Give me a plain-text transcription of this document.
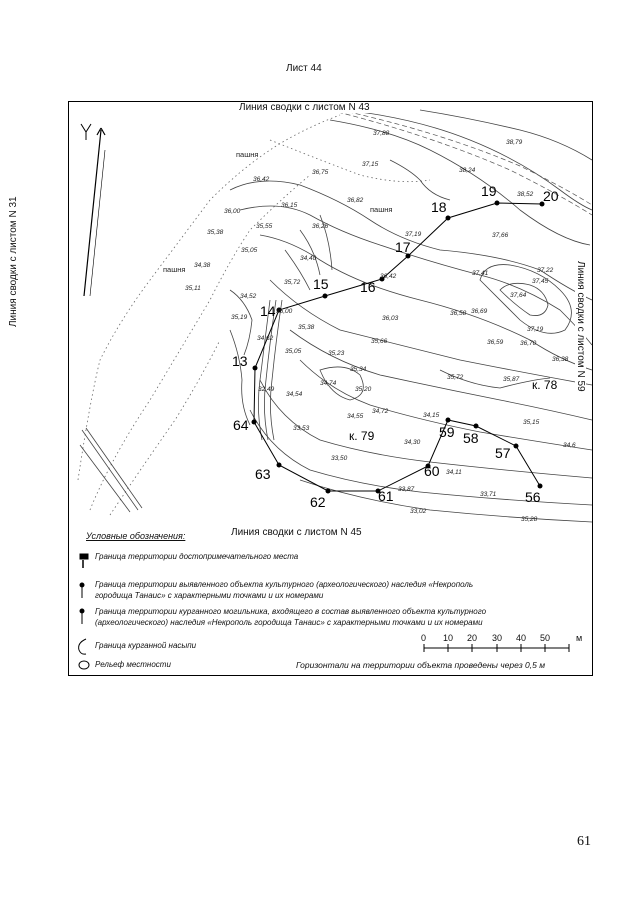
Лист 44
13
14
15 16
17
18
19	20
56
57
58
59
60
61
62
63
64
к. 78
к. 79
пашня
пашня
пашня
37,88
38,79
37,15
38,24
36,75
36,42
38,52
36,15
36,82
36,00
35,55	36,26
37,19	37,66
35,38
35,05
34,40
36,42
34,38
35,72
37,41	37,22
37,45
37,64
35,11
34,52
36,03
36,58 36,69
35,19
35,00
35,38	37,19
34,62	35,66	36,59	36,70
35,05	35,23
36,38
35,34
34,74
35,72	35,87
32,49
34,54
35,20
34,55
34,72
34,15
35,15
33,53
34,30	34,6
33,50
34,11
33,87
33,71
33,02
35,28
Линия сводки с листом N 43
Линия сводки с листом N 45
Линия сводки с листом N 31	Линия сводки с листом N 59
Условные обозначения:
Граница территории достопримечательного места
Граница территории выявленного объекта культурного (археологического) наследия «Некрополь
городища Танаис» с характерными точками и их номерами
Граница территории курганного могильника, входящего в состав выявленного объекта культурного
(археологического) наследия «Некрополь городища Танаис» с характерными точками и их номерами
Граница курганной насыпи
Рельеф местности
0 10 20 30 40 50	м
Горизонтали на территории объекта проведены через 0,5 м
61
